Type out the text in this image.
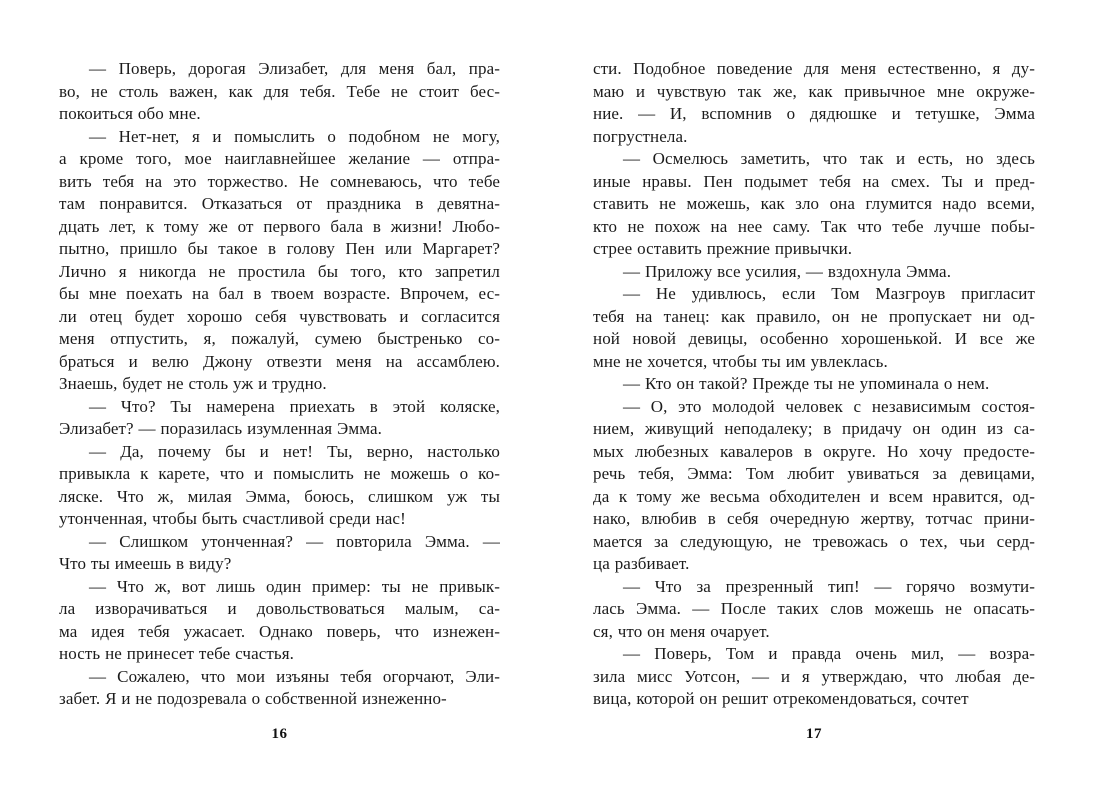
— Поверь, дорогая Элизабет, для меня бал, пра-
во, не столь важен, как для тебя. Тебе не стоит бес-
покоиться обо мне.
— Нет-нет, я и помыслить о подобном не могу,
а кроме того, мое наиглавнейшее желание — отпра-
вить тебя на это торжество. Не сомневаюсь, что тебе
там понравится. Отказаться от праздника в девятна-
дцать лет, к тому же от первого бала в жизни! Любо-
пытно, пришло бы такое в голову Пен или Маргарет?
Лично я никогда не простила бы того, кто запретил
бы мне поехать на бал в твоем возрасте. Впрочем, ес-
ли отец будет хорошо себя чувствовать и согласится
меня отпустить, я, пожалуй, сумею быстренько со-
браться и велю Джону отвезти меня на ассамблею.
Знаешь, будет не столь уж и трудно.
— Что? Ты намерена приехать в этой коляске,
Элизабет? — поразилась изумленная Эмма.
— Да, почему бы и нет! Ты, верно, настолько
привыкла к карете, что и помыслить не можешь о ко-
ляске. Что ж, милая Эмма, боюсь, слишком уж ты
утонченная, чтобы быть счастливой среди нас!
— Слишком утонченная? — повторила Эмма. —
Что ты имеешь в виду?
— Что ж, вот лишь один пример: ты не привык-
ла изворачиваться и довольствоваться малым, са-
ма идея тебя ужасает. Однако поверь, что изнежен-
ность не принесет тебе счастья.
— Сожалею, что мои изъяны тебя огорчают, Эли-
забет. Я и не подозревала о собственной изнеженно-
сти. Подобное поведение для меня естественно, я ду-
маю и чувствую так же, как привычное мне окруже-
ние. — И, вспомнив о дядюшке и тетушке, Эмма
погрустнела.
— Осмелюсь заметить, что так и есть, но здесь
иные нравы. Пен подымет тебя на смех. Ты и пред-
ставить не можешь, как зло она глумится надо всеми,
кто не похож на нее саму. Так что тебе лучше побы-
стрее оставить прежние привычки.
— Приложу все усилия, — вздохнула Эмма.
— Не удивлюсь, если Том Мазгроув пригласит
тебя на танец: как правило, он не пропускает ни од-
ной новой девицы, особенно хорошенькой. И все же
мне не хочется, чтобы ты им увлеклась.
— Кто он такой? Прежде ты не упоминала о нем.
— О, это молодой человек с независимым состоя-
нием, живущий неподалеку; в придачу он один из са-
мых любезных кавалеров в округе. Но хочу предосте-
речь тебя, Эмма: Том любит увиваться за девицами,
да к тому же весьма обходителен и всем нравится, од-
нако, влюбив в себя очередную жертву, тотчас прини-
мается за следующую, не тревожась о тех, чьи серд-
ца разбивает.
— Что за презренный тип! — горячо возмути-
лась Эмма. — После таких слов можешь не опасать-
ся, что он меня очарует.
— Поверь, Том и правда очень мил, — возра-
зила мисс Уотсон, — и я утверждаю, что любая де-
вица, которой он решит отрекомендоваться, сочтет
16	17
